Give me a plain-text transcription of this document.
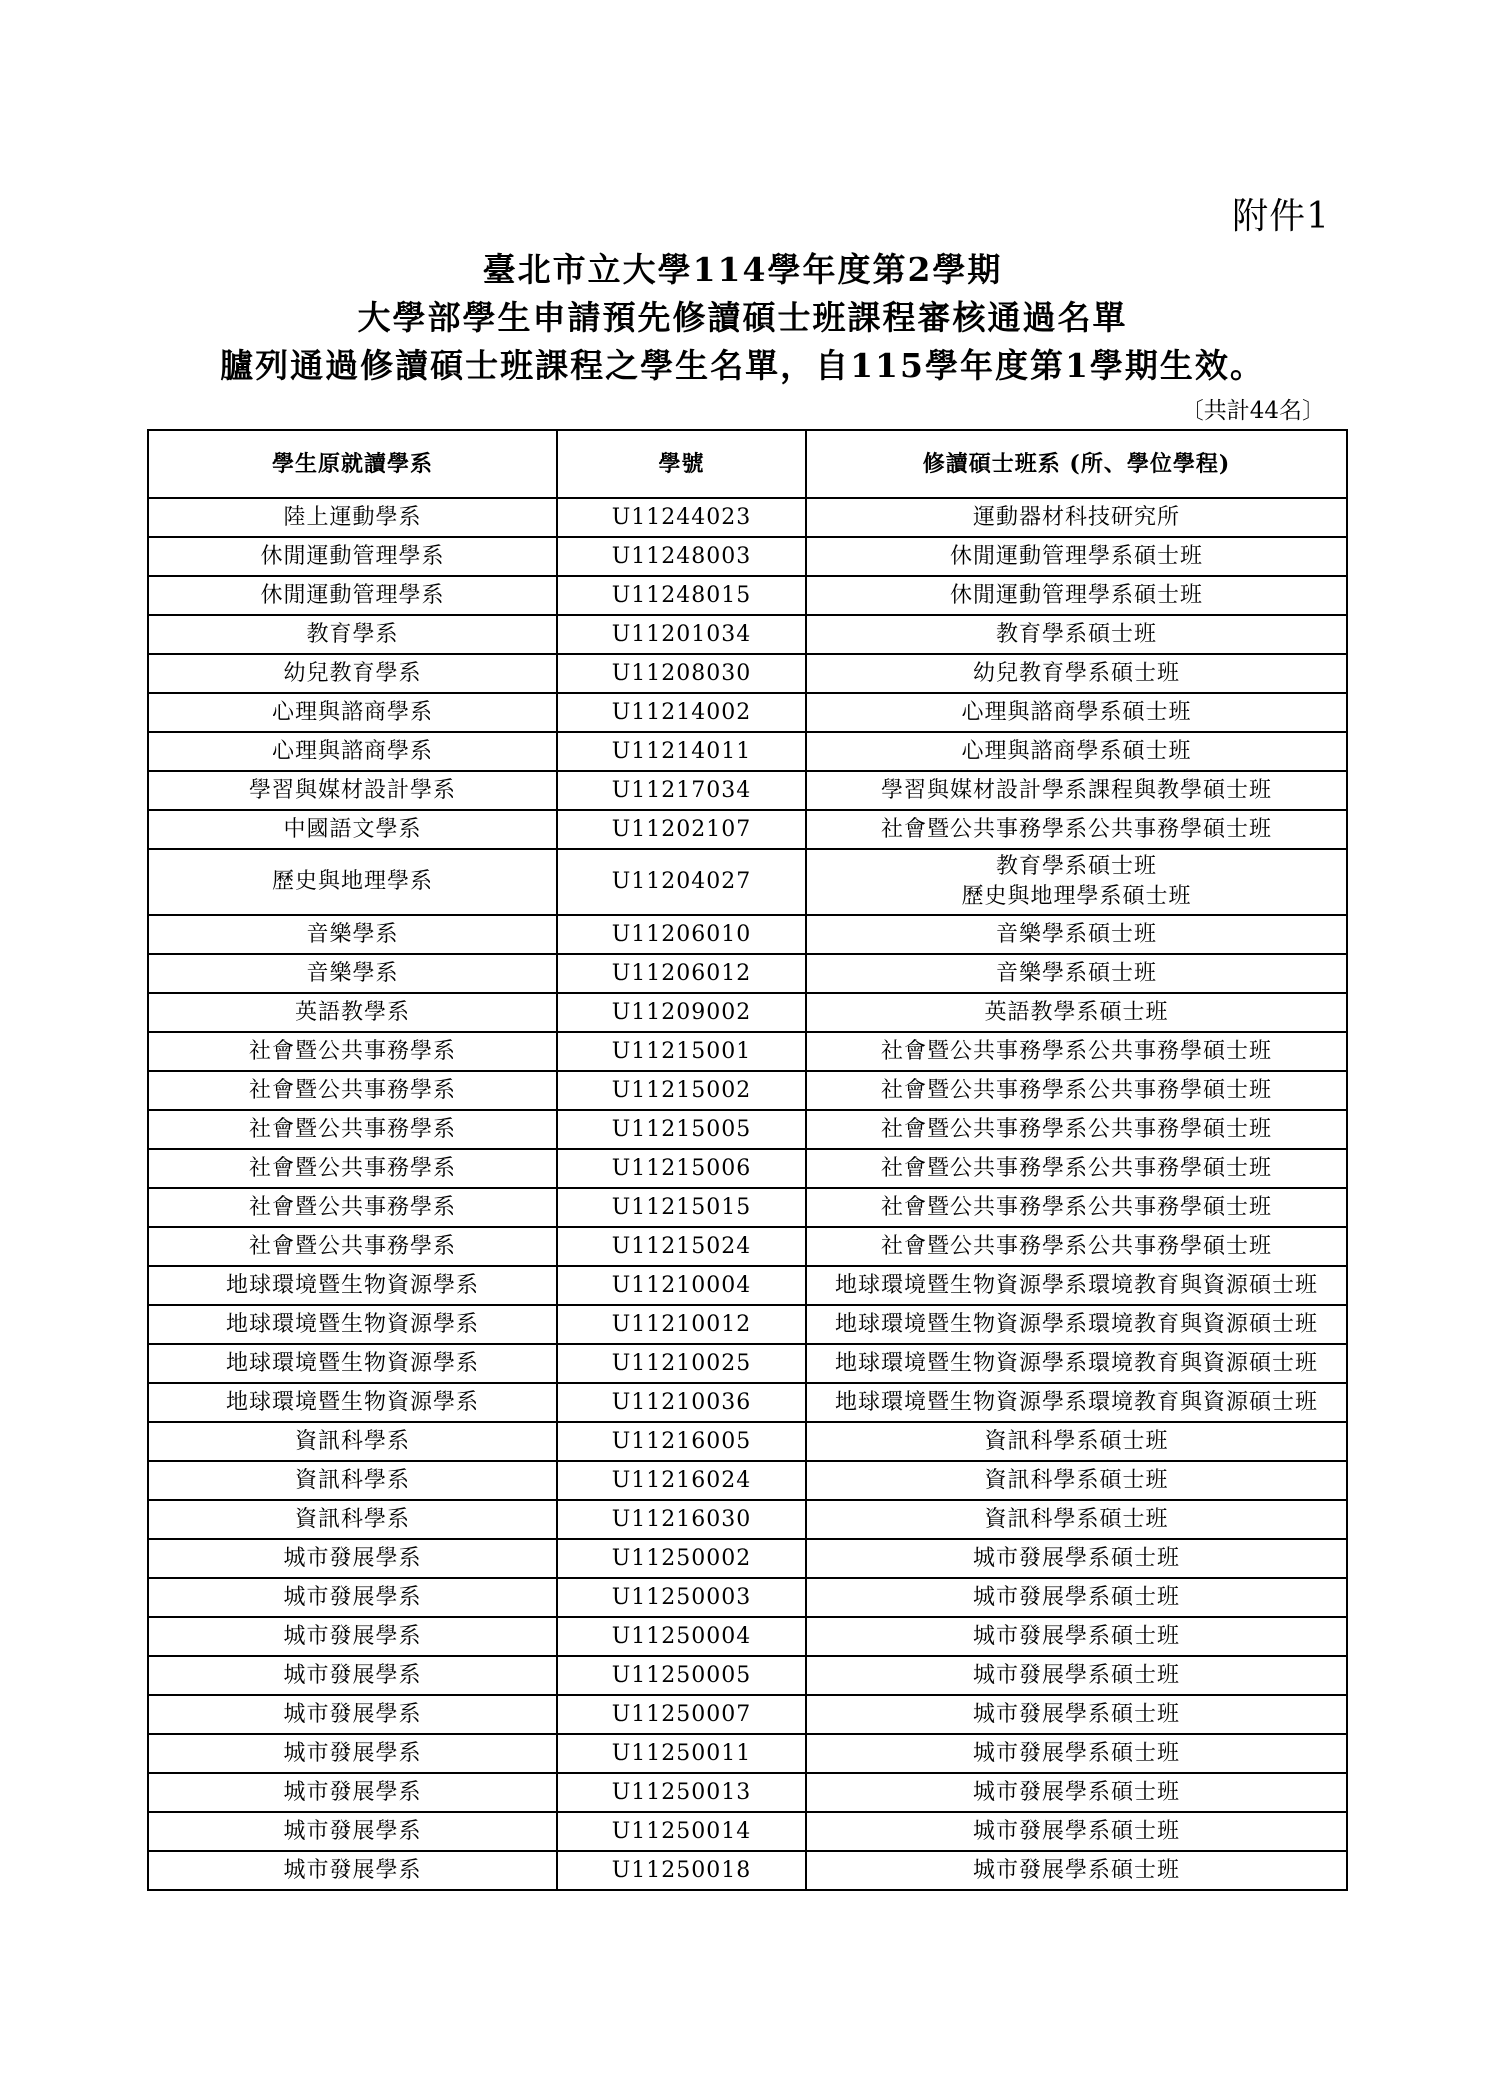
附件1
臺北市立大學114學年度第2學期
大學部學生申請預先修讀碩士班課程審核通過名單
臚列通過修讀碩士班課程之學生名單，自115學年度第1學期生效。
〔共計44名〕
學生原就讀學系	學號	修讀碩士班系 (所、學位學程)
陸上運動學系	U11244023	運動器材科技研究所

休閒運動管理學系	U11248003	休閒運動管理學系碩士班

休閒運動管理學系	U11248015	休閒運動管理學系碩士班

教育學系	U11201034	教育學系碩士班

幼兒教育學系	U11208030	幼兒教育學系碩士班

心理與諮商學系	U11214002	心理與諮商學系碩士班

心理與諮商學系	U11214011	心理與諮商學系碩士班

學習與媒材設計學系	U11217034	學習與媒材設計學系課程與教學碩士班

中國語文學系	U11202107	社會暨公共事務學系公共事務學碩士班

歷史與地理學系	U11204027	教育學系碩士班
歷史與地理學系碩士班

音樂學系	U11206010	音樂學系碩士班

音樂學系	U11206012	音樂學系碩士班

英語教學系	U11209002	英語教學系碩士班

社會暨公共事務學系	U11215001	社會暨公共事務學系公共事務學碩士班

社會暨公共事務學系	U11215002	社會暨公共事務學系公共事務學碩士班

社會暨公共事務學系	U11215005	社會暨公共事務學系公共事務學碩士班

社會暨公共事務學系	U11215006	社會暨公共事務學系公共事務學碩士班

社會暨公共事務學系	U11215015	社會暨公共事務學系公共事務學碩士班

社會暨公共事務學系	U11215024	社會暨公共事務學系公共事務學碩士班

地球環境暨生物資源學系	U11210004	地球環境暨生物資源學系環境教育與資源碩士班

地球環境暨生物資源學系	U11210012	地球環境暨生物資源學系環境教育與資源碩士班

地球環境暨生物資源學系	U11210025	地球環境暨生物資源學系環境教育與資源碩士班

地球環境暨生物資源學系	U11210036	地球環境暨生物資源學系環境教育與資源碩士班

資訊科學系	U11216005	資訊科學系碩士班

資訊科學系	U11216024	資訊科學系碩士班

資訊科學系	U11216030	資訊科學系碩士班

城市發展學系	U11250002	城市發展學系碩士班

城市發展學系	U11250003	城市發展學系碩士班

城市發展學系	U11250004	城市發展學系碩士班

城市發展學系	U11250005	城市發展學系碩士班

城市發展學系	U11250007	城市發展學系碩士班

城市發展學系	U11250011	城市發展學系碩士班

城市發展學系	U11250013	城市發展學系碩士班

城市發展學系	U11250014	城市發展學系碩士班

城市發展學系	U11250018	城市發展學系碩士班
